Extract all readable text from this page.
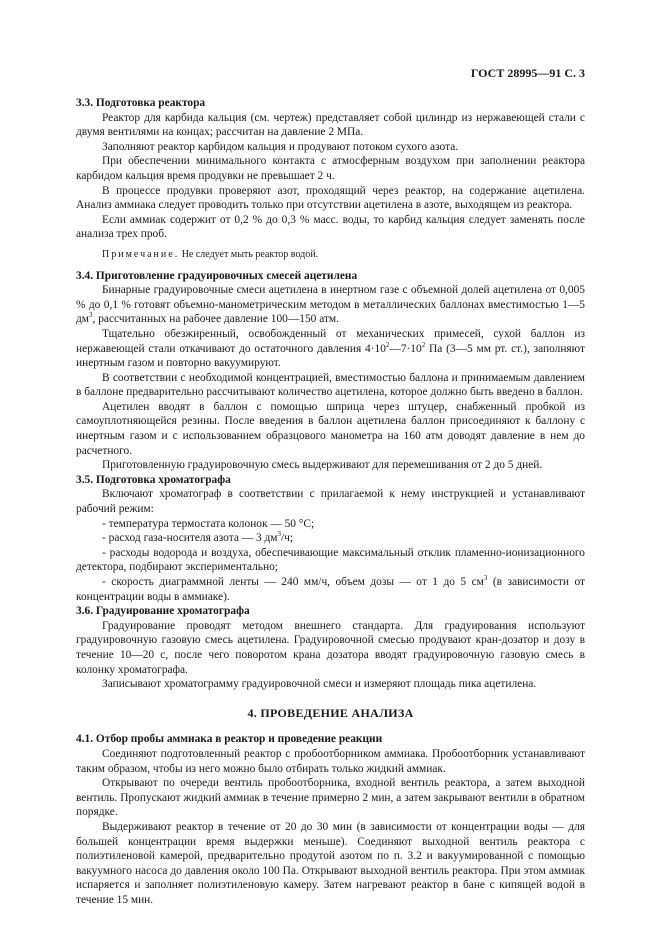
ГОСТ 28995—91 С. 3

3.3. Подготовка реактора

Реактор для карбида кальция (см. чертеж) представляет собой цилиндр из нержавеющей стали с двумя вентилями на концах; рассчитан на давление 2 МПа.

Заполняют реактор карбидом кальция и продувают потоком сухого азота.

При обеспечении минимального контакта с атмосферным воздухом при заполнении реактора карбидом кальция время продувки не превышает 2 ч.

В процессе продувки проверяют азот, проходящий через реактор, на содержание ацетилена. Анализ аммиака следует проводить только при отсутствии ацетилена в азоте, выходящем из реактора.

Если аммиак содержит от 0,2 % до 0,3 % масс. воды, то карбид кальция следует заменять после анализа трех проб.

Примечание. Не следует мыть реактор водой.

3.4. Приготовление градуировочных смесей ацетилена

Бинарные градуировочные смеси ацетилена в инертном газе с объемной долей ацетилена от 0,005 % до 0,1 % готовят объемно-манометрическим методом в металлических баллонах вместимостью 1—5 $дм^3$, рассчитанных на рабочее давление 100—150 атм.

Тщательно обезжиренный, освобожденный от механических примесей, сухой баллон из нержавеющей стали откачивают до остаточного давления $4\cdot 10^2—7\cdot 10^2$ Па (3—5 мм рт. ст.), заполняют инертным газом и повторно вакуумируют.

В соответствии с необходимой концентрацией, вместимостью баллона и принимаемым давлением в баллоне предварительно рассчитывают количество ацетилена, которое должно быть введено в баллон.

Ацетилен вводят в баллон с помощью шприца через штуцер, снабженный пробкой из самоуплотняющейся резины. После введения в баллон ацетилена баллон присоединяют к баллону с инертным газом и с использованием образцового манометра на 160 атм доводят давление в нем до расчетного.

Приготовленную градуировочную смесь выдерживают для перемешивания от 2 до 5 дней.

3.5. Подготовка хроматографа

Включают хроматограф в соответствии с прилагаемой к нему инструкцией и устанавливают рабочий режим:

- температура термостата колонок — 50 °С;

- расход газа-носителя азота — 3 $дм^3/ч$;

- расходы водорода и воздуха, обеспечивающие максимальный отклик пламенно-ионизационного детектора, подбирают экспериментально;

- скорость диаграммной ленты — 240 мм/ч, объем дозы — от 1 до 5 $см^3$ (в зависимости от концентрации воды в аммиаке).

3.6. Градуирование хроматографа

Градуирование проводят методом внешнего стандарта. Для градуирования используют градуировочную газовую смесь ацетилена. Градуировочной смесью продувают кран-дозатор и дозу в течение 10—20 с, после чего поворотом крана дозатора вводят градуировочную газовую смесь в колонку хроматографа.

Записывают хроматограмму градуировочной смеси и измеряют площадь пика ацетилена.

4. ПРОВЕДЕНИЕ АНАЛИЗА

4.1. Отбор пробы аммиака в реактор и проведение реакции

Соединяют подготовленный реактор с пробоотборником аммиака. Пробоотборник устанавливают таким образом, чтобы из него можно было отбирать только жидкий аммиак.

Открывают по очереди вентиль пробоотборника, входной вентиль реактора, а затем выходной вентиль. Пропускают жидкий аммиак в течение примерно 2 мин, а затем закрывают вентили в обратном порядке.

Выдерживают реактор в течение от 20 до 30 мин (в зависимости от концентрации воды — для большей концентрации время выдержки меньше). Соединяют выходной вентиль реактора с полиэтиленовой камерой, предварительно продутой азотом по п. 3.2 и вакуумированной с помощью вакуумного насоса до давления около 100 Па. Открывают выходной вентиль реактора. При этом аммиак испаряется и заполняет полиэтиленовую камеру. Затем нагревают реактор в бане с кипящей водой в течение 15 мин.
